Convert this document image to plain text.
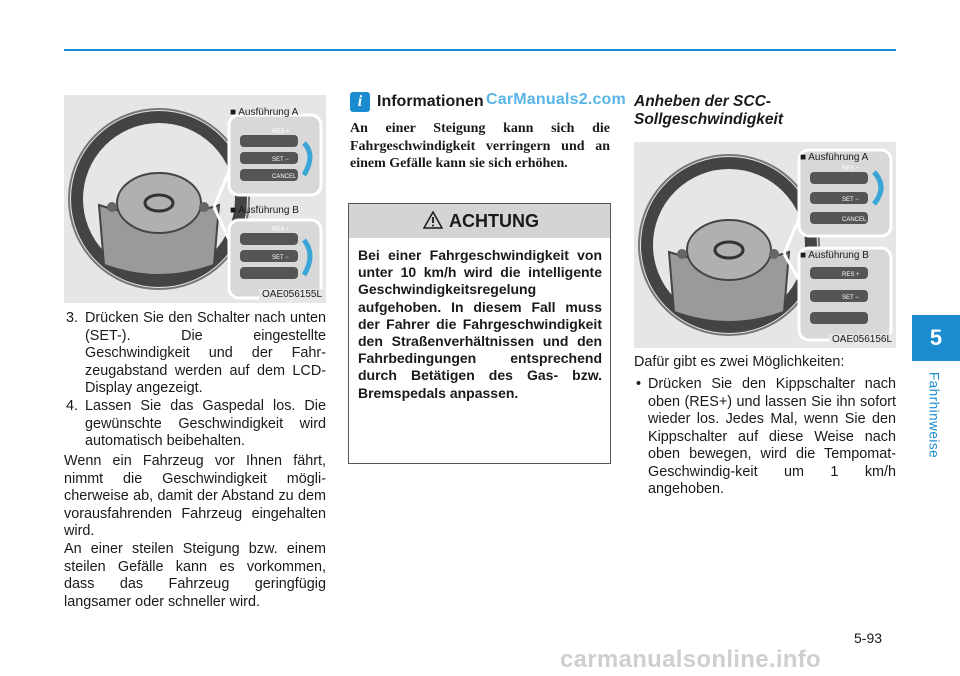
RES +
SET −
CANCEL
RES +
SET −
■ Ausführung A
■ Ausführung B
OAE056155L
3. Drücken Sie den Schalter nach unten (SET-). Die eingestellte Geschwindigkeit und der Fahr-zeugabstand werden auf dem LCD-Display angezeigt.
4. Lassen Sie das Gaspedal los. Die gewünschte Geschwindigkeit wird automatisch beibehalten.
Wenn ein Fahrzeug vor Ihnen fährt, nimmt die Geschwindigkeit mögli-cherweise ab, damit der Abstand zu dem vorausfahrenden Fahrzeug eingehalten wird.
An einer steilen Steigung bzw. einem steilen Gefälle kann es vorkommen, dass das Fahrzeug geringfügig langsamer oder schneller wird.
i Informationen CarManuals2.com
An einer Steigung kann sich die Fahrgeschwindigkeit verringern und an einem Gefälle kann sie sich erhöhen.
ACHTUNG
Bei einer Fahrgeschwindigkeit von unter 10 km/h wird die intelligente Geschwindigkeitsregelung aufgehoben. In diesem Fall muss der Fahrer die Fahrgeschwindigkeit den Straßenverhältnissen und den Fahrbedingungen entsprechend durch Betätigen des Gas- bzw. Bremspedals anpassen.
Anheben der SCC-
Sollgeschwindigkeit
RES +
SET −
CANCEL
RES +
SET −
■ Ausführung A
■ Ausführung B
OAE056156L
Dafür gibt es zwei Möglichkeiten:
• Drücken Sie den Kippschalter nach oben (RES+) und lassen Sie ihn sofort wieder los. Jedes Mal, wenn Sie den Kippschalter auf diese Weise nach oben bewegen, wird die Tempomat-Geschwindig-keit um 1 km/h angehoben.
5
Fahrhinweise
5-93
carmanualsonline.info
